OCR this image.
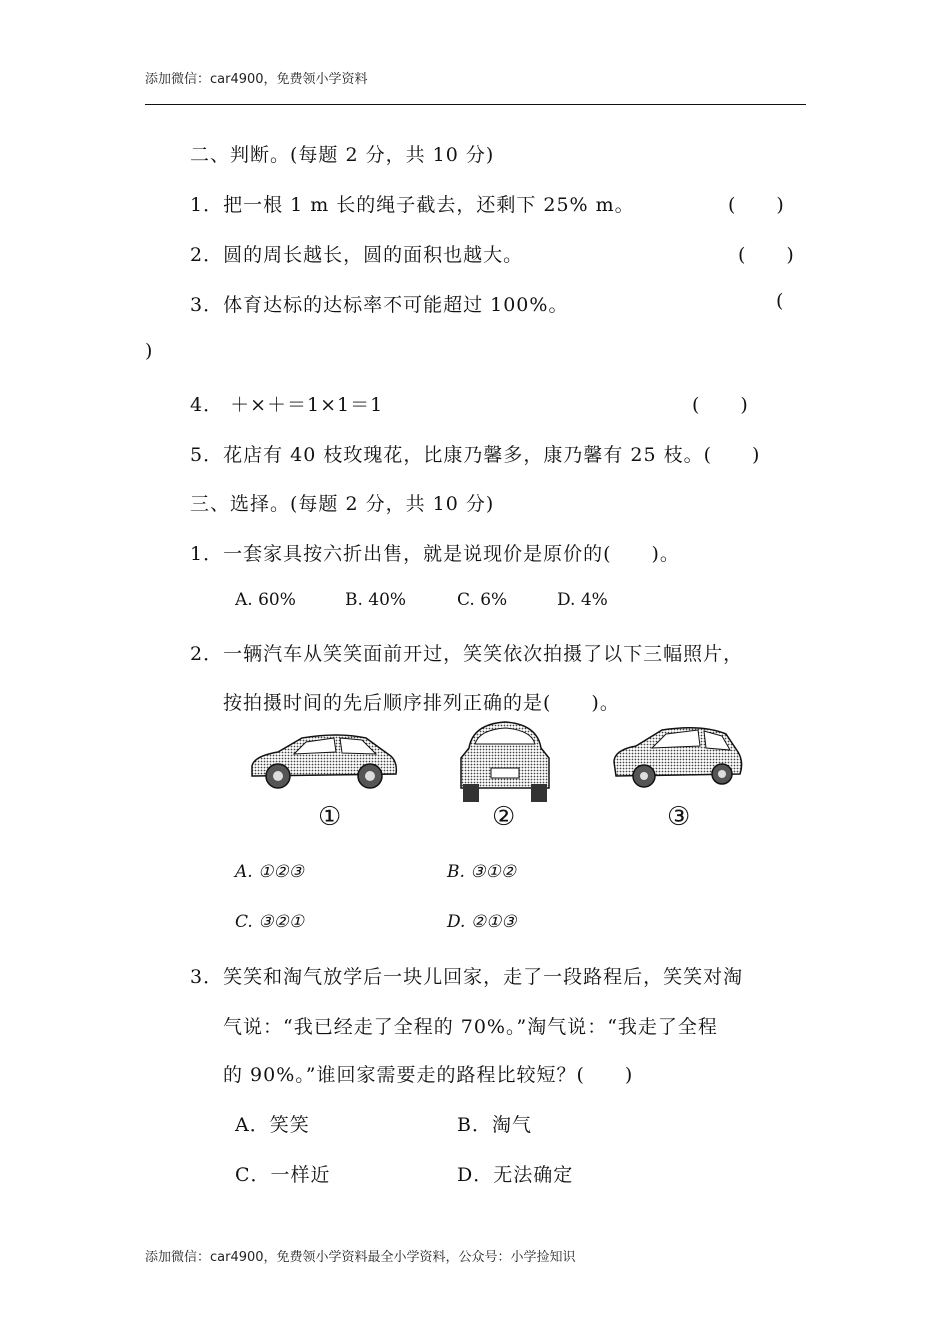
添加微信：car4900，免费领小学资料
二、判断。(每题 2 分，共 10 分)
1．把一根 1 m 长的绳子截去，还剩下 25% m。	(　　)
2．圆的周长越长，圆的面积也越大。	(　　)
3．体育达标的达标率不可能超过 100%。	(
)
4． ＋×＋＝1×1＝1	(　　)
5．花店有 40 枝玫瑰花，比康乃馨多，康乃馨有 25 枝。(　　)
三、选择。(每题 2 分，共 10 分)
1．一套家具按六折出售，就是说现价是原价的(　　)。
A. 60%	B. 40%	C. 6%	D. 4%
2．一辆汽车从笑笑面前开过，笑笑依次拍摄了以下三幅照片，
按拍摄时间的先后顺序排列正确的是(　　)。
①	②	③
A. ①②③	B. ③①②
C. ③②①	D. ②①③
3．笑笑和淘气放学后一块儿回家，走了一段路程后，笑笑对淘
气说：“我已经走了全程的 70%。”淘气说：“我走了全程
的 90%。”谁回家需要走的路程比较短？(　　)
A．笑笑	B．淘气
C．一样近	D．无法确定
添加微信：car4900，免费领小学资料最全小学资料，公众号：小学捡知识
